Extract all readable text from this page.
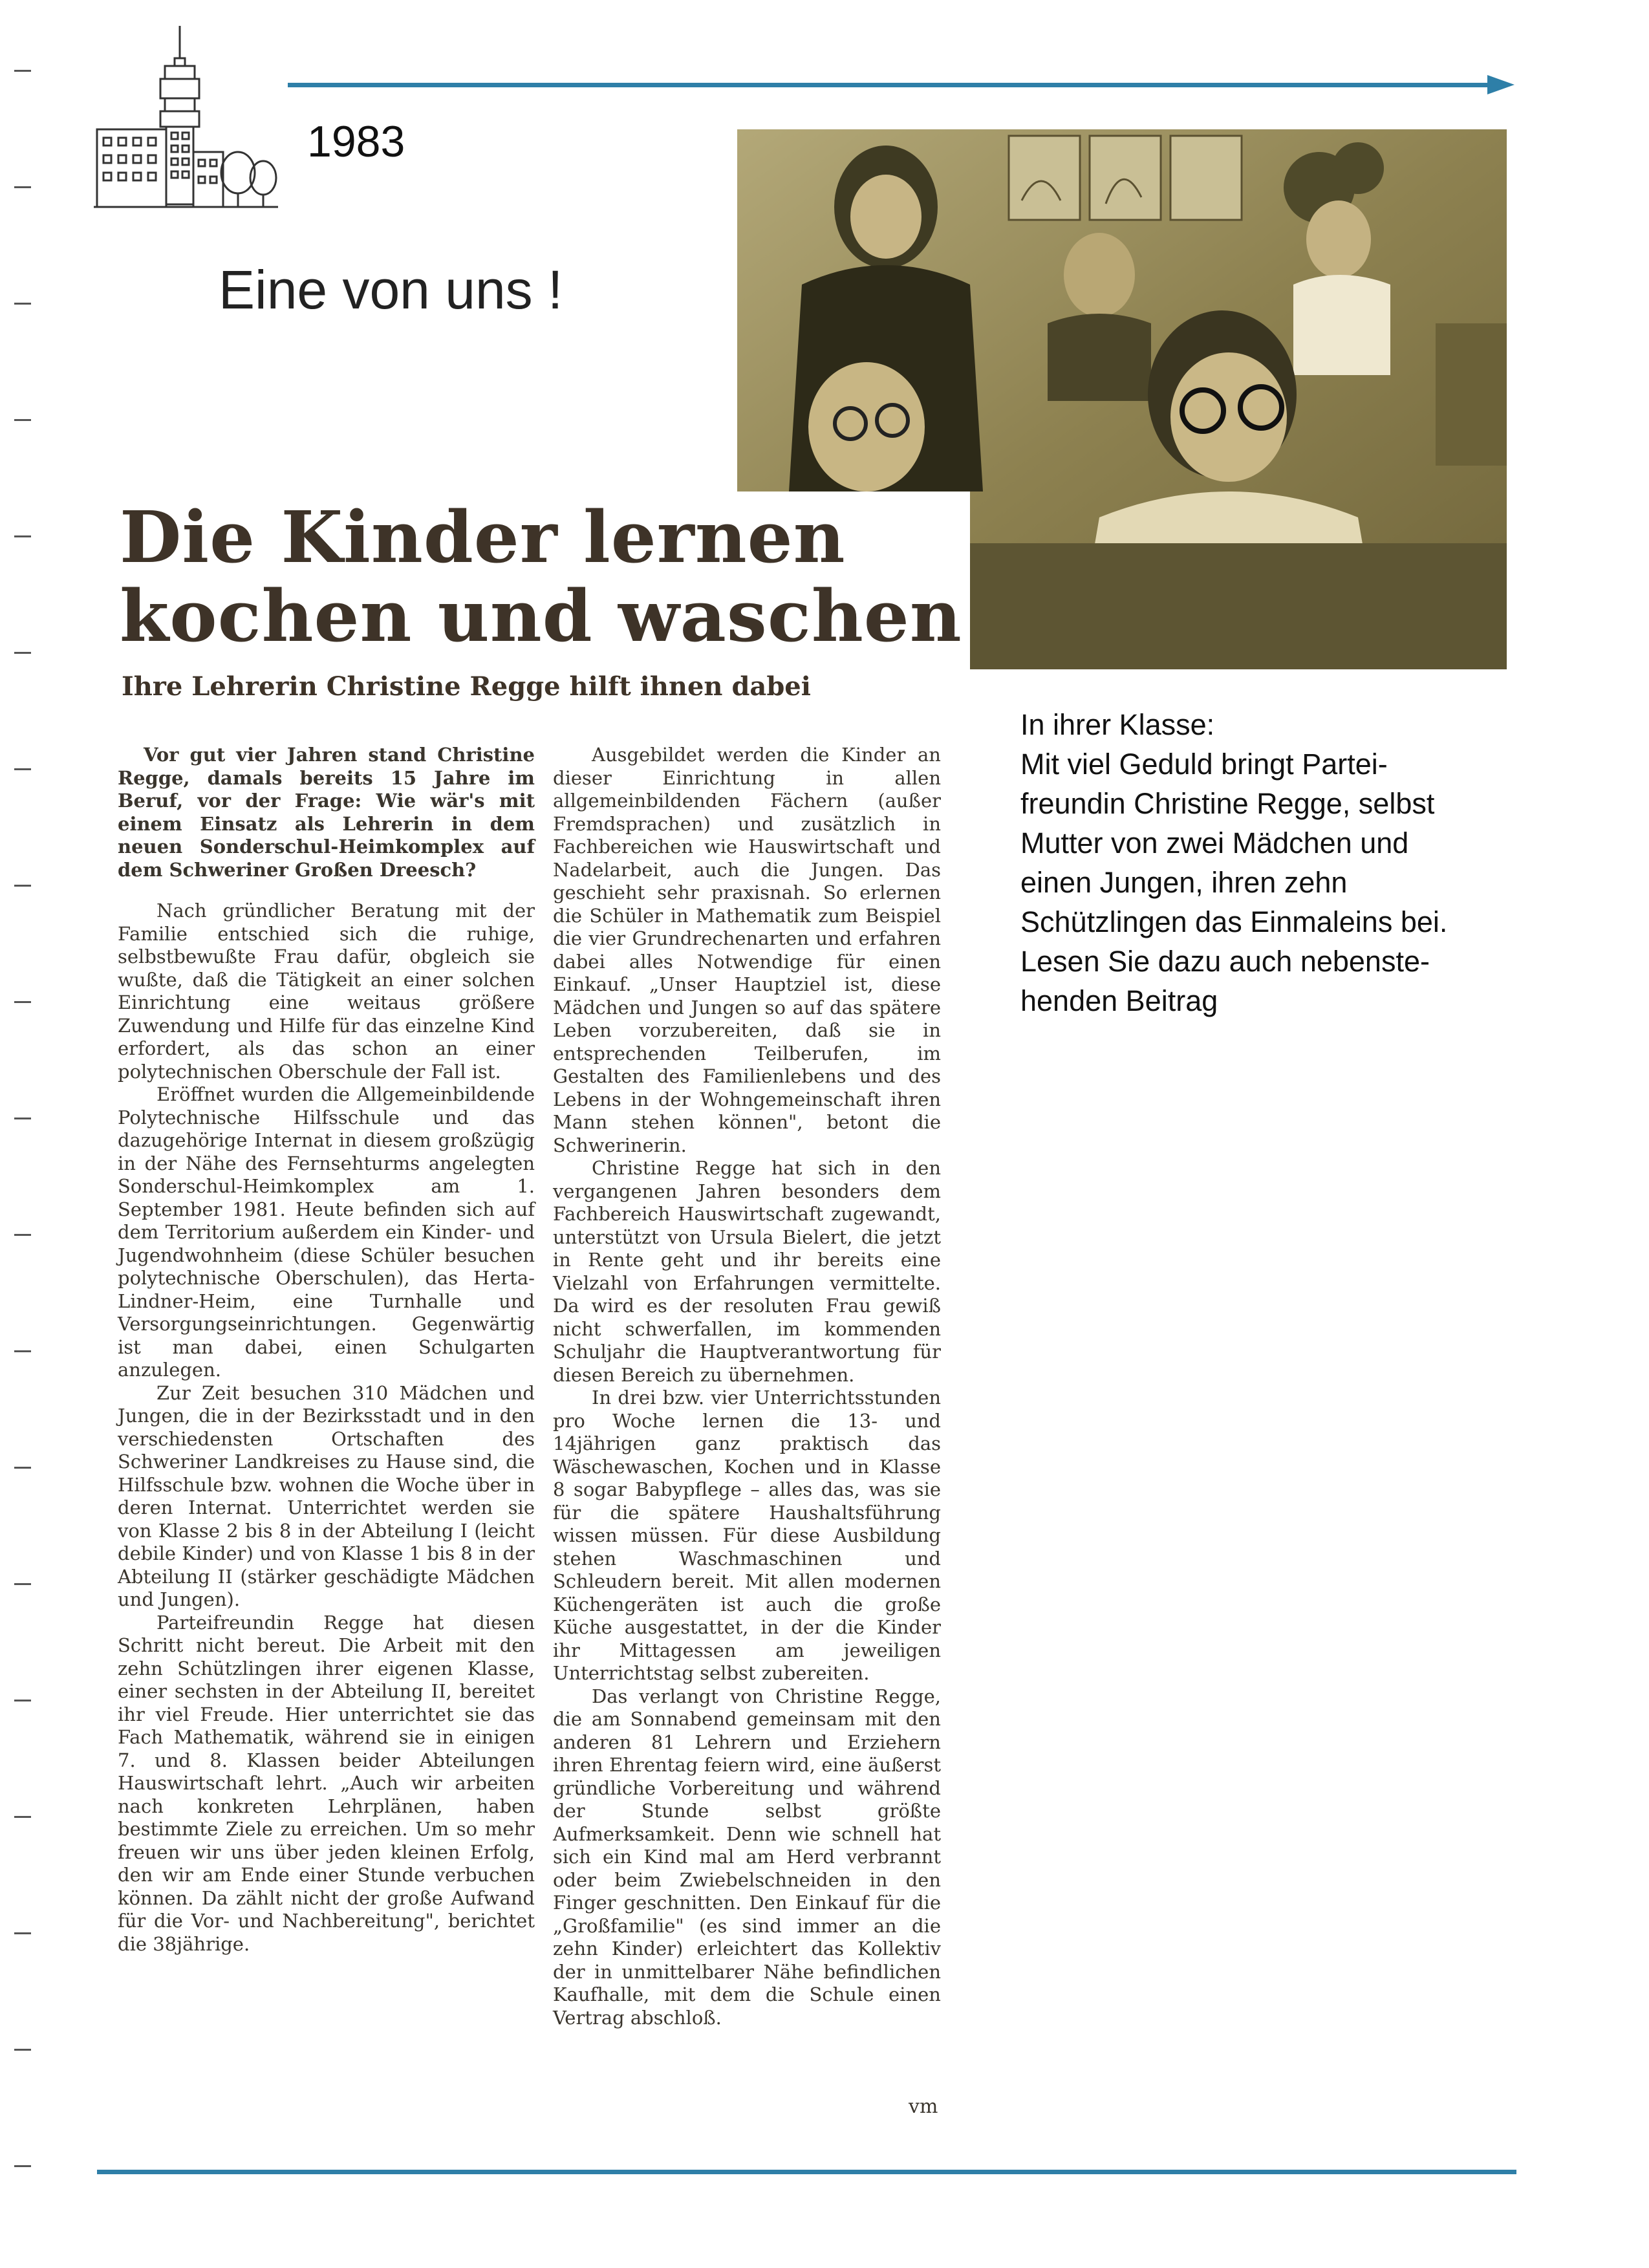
1983
Eine von uns !
Die Kinder lernen
kochen und waschen
Ihre Lehrerin Christine Regge hilft ihnen dabei

Vor gut vier Jahren stand Christine Regge, damals bereits 15 Jahre im Beruf, vor der Frage: Wie wär's mit einem Einsatz als Lehrerin in dem neuen Sonderschul-Heimkomplex auf dem Schweriner Großen Dreesch?

Nach gründlicher Beratung mit der Familie entschied sich die ruhige, selbstbewußte Frau dafür, obgleich sie wußte, daß die Tätigkeit an einer solchen Einrichtung eine weitaus größere Zuwendung und Hilfe für das einzelne Kind erfordert, als das schon an einer polytechnischen Oberschule der Fall ist.

Eröffnet wurden die Allgemeinbildende Polytechnische Hilfsschule und das dazugehörige Internat in diesem großzügig in der Nähe des Fernsehturms angelegten Sonderschul-Heimkomplex am 1. September 1981. Heute befinden sich auf dem Territorium außerdem ein Kinder- und Jugendwohnheim (diese Schüler besuchen polytechnische Oberschulen), das Herta-Lindner-Heim, eine Turnhalle und Versorgungseinrichtungen. Gegenwärtig ist man dabei, einen Schulgarten anzulegen.

Zur Zeit besuchen 310 Mädchen und Jungen, die in der Bezirksstadt und in den verschiedensten Ortschaften des Schweriner Landkreises zu Hause sind, die Hilfsschule bzw. wohnen die Woche über in deren Internat. Unterrichtet werden sie von Klasse 2 bis 8 in der Abteilung I (leicht debile Kinder) und von Klasse 1 bis 8 in der Abteilung II (stärker geschädigte Mädchen und Jungen).

Parteifreundin Regge hat diesen Schritt nicht bereut. Die Arbeit mit den zehn Schützlingen ihrer eigenen Klasse, einer sechsten in der Abteilung II, bereitet ihr viel Freude. Hier unterrichtet sie das Fach Mathematik, während sie in einigen 7. und 8. Klassen beider Abteilungen Hauswirtschaft lehrt. „Auch wir arbeiten nach konkreten Lehrplänen, haben bestimmte Ziele zu erreichen. Um so mehr freuen wir uns über jeden kleinen Erfolg, den wir am Ende einer Stunde verbuchen können. Da zählt nicht der große Aufwand für die Vor- und Nachbereitung", berichtet die 38jährige.

Ausgebildet werden die Kinder an dieser Einrichtung in allen allgemeinbildenden Fächern (außer Fremdsprachen) und zusätzlich in Fachbereichen wie Hauswirtschaft und Nadelarbeit, auch die Jungen. Das geschieht sehr praxisnah. So erlernen die Schüler in Mathematik zum Beispiel die vier Grundrechenarten und erfahren dabei alles Notwendige für einen Einkauf. „Unser Hauptziel ist, diese Mädchen und Jungen so auf das spätere Leben vorzubereiten, daß sie in entsprechenden Teilberufen, im Gestalten des Familienlebens und des Lebens in der Wohngemeinschaft ihren Mann stehen können", betont die Schwerinerin.

Christine Regge hat sich in den vergangenen Jahren besonders dem Fachbereich Hauswirtschaft zugewandt, unterstützt von Ursula Bielert, die jetzt in Rente geht und ihr bereits eine Vielzahl von Erfahrungen vermittelte. Da wird es der resoluten Frau gewiß nicht schwerfallen, im kommenden Schuljahr die Hauptverantwortung für diesen Bereich zu übernehmen.

In drei bzw. vier Unterrichtsstunden pro Woche lernen die 13- und 14jährigen ganz praktisch das Wäschewaschen, Kochen und in Klasse 8 sogar Babypflege – alles das, was sie für die spätere Haushaltsführung wissen müssen. Für diese Ausbildung stehen Waschmaschinen und Schleudern bereit. Mit allen modernen Küchengeräten ist auch die große Küche ausgestattet, in der die Kinder ihr Mittagessen am jeweiligen Unterrichtstag selbst zubereiten.

Das verlangt von Christine Regge, die am Sonnabend gemeinsam mit den anderen 81 Lehrern und Erziehern ihren Ehrentag feiern wird, eine äußerst gründliche Vorbereitung und während der Stunde selbst größte Aufmerksamkeit. Denn wie schnell hat sich ein Kind mal am Herd verbrannt oder beim Zwiebelschneiden in den Finger geschnitten. Den Einkauf für die „Großfamilie" (es sind immer an die zehn Kinder) erleichtert das Kollektiv der in unmittelbarer Nähe befindlichen Kaufhalle, mit dem die Schule einen Vertrag abschloß.

vm
In ihrer Klasse:
Mit viel Geduld bringt Partei-
freundin Christine Regge, selbst
Mutter von zwei Mädchen und
einen Jungen, ihren zehn
Schützlingen das Einmaleins bei.
Lesen Sie dazu auch nebenste-
henden Beitrag
